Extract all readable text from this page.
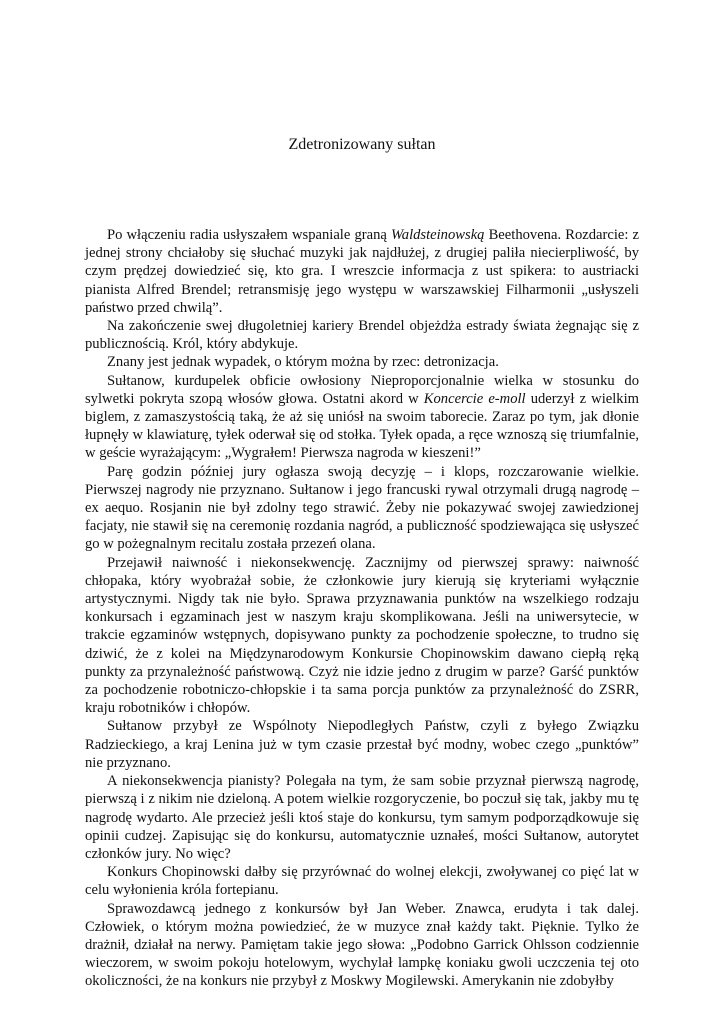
Zdetronizowany sułtan

Po włączeniu radia usłyszałem wspaniale graną Waldsteinowską Beethovena. Rozdarcie: z jednej strony chciałoby się słuchać muzyki jak najdłużej, z drugiej paliła niecierpliwość, by czym prędzej dowiedzieć się, kto gra. I wreszcie informacja z ust spikera: to austriacki pianista Alfred Brendel; retransmisję jego występu w warszawskiej Filharmonii „usłyszeli państwo przed chwilą”.

Na zakończenie swej długoletniej kariery Brendel objeżdża estrady świata żegnając się z publicznością. Król, który abdykuje.

Znany jest jednak wypadek, o którym można by rzec: detronizacja.

Sułtanow, kurdupelek obficie owłosiony Nieproporcjonalnie wielka w stosunku do sylwetki pokryta szopą włosów głowa. Ostatni akord w Koncercie e-moll uderzył z wielkim biglem, z zamaszystością taką, że aż się uniósł na swoim taborecie. Zaraz po tym, jak dłonie łupnęły w klawiaturę, tyłek oderwał się od stołka. Tyłek opada, a ręce wznoszą się triumfalnie, w geście wyrażającym: „Wygrałem! Pierwsza nagroda w kieszeni!”

Parę godzin później jury ogłasza swoją decyzję – i klops, rozczarowanie wielkie. Pierwszej nagrody nie przyznano. Sułtanow i jego francuski rywal otrzymali drugą nagrodę – ex aequo. Rosjanin nie był zdolny tego strawić. Żeby nie pokazywać swojej zawiedzionej facjaty, nie stawił się na ceremonię rozdania nagród, a publiczność spodziewająca się usłyszeć go w pożegnalnym recitalu została przezeń olana.

Przejawił naiwność i niekonsekwencję. Zacznijmy od pierwszej sprawy: naiwność chłopaka, który wyobrażał sobie, że członkowie jury kierują się kryteriami wyłącznie artystycznymi. Nigdy tak nie było. Sprawa przyznawania punktów na wszelkiego rodzaju konkursach i egzaminach jest w naszym kraju skomplikowana. Jeśli na uniwersytecie, w trakcie egzaminów wstępnych, dopisywano punkty za pochodzenie społeczne, to trudno się dziwić, że z kolei na Międzynarodowym Konkursie Chopinowskim dawano ciepłą ręką punkty za przynależność państwową. Czyż nie idzie jedno z drugim w parze? Garść punktów za pochodzenie robotniczo-chłopskie i ta sama porcja punktów za przynależność do ZSRR, kraju robotników i chłopów.

Sułtanow przybył ze Wspólnoty Niepodległych Państw, czyli z byłego Związku Radzieckiego, a kraj Lenina już w tym czasie przestał być modny, wobec czego „punktów” nie przyznano.

A niekonsekwencja pianisty? Polegała na tym, że sam sobie przyznał pierwszą nagrodę, pierwszą i z nikim nie dzieloną. A potem wielkie rozgoryczenie, bo poczuł się tak, jakby mu tę nagrodę wydarto. Ale przecież jeśli ktoś staje do konkursu, tym samym podporządkowuje się opinii cudzej. Zapisując się do konkursu, automatycznie uznałeś, mości Sułtanow, autorytet członków jury. No więc?

Konkurs Chopinowski dałby się przyrównać do wolnej elekcji, zwoływanej co pięć lat w celu wyłonienia króla fortepianu.

Sprawozdawcą jednego z konkursów był Jan Weber. Znawca, erudyta i tak dalej. Człowiek, o którym można powiedzieć, że w muzyce znał każdy takt. Pięknie. Tylko że drażnił, działał na nerwy. Pamiętam takie jego słowa: „Podobno Garrick Ohlsson codziennie wieczorem, w swoim pokoju hotelowym, wychylał lampkę koniaku gwoli uczczenia tej oto okoliczności, że na konkurs nie przybył z Moskwy Mogilewski. Amerykanin nie zdobyłby
